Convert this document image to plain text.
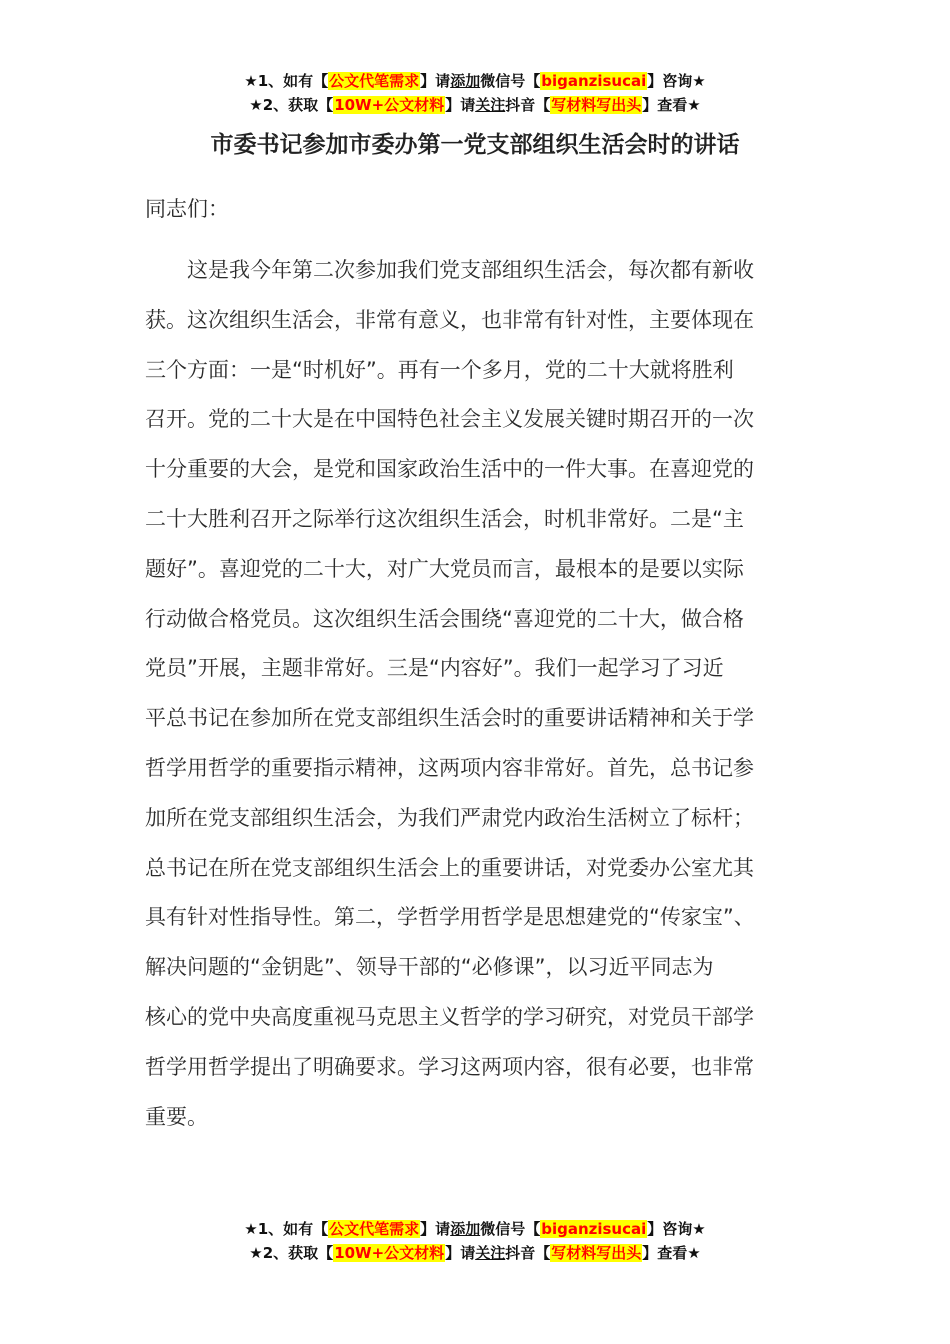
★1、如有【公文代笔需求】请添加微信号【biganzisucai】咨询★
★2、获取【10W+公文材料】请关注抖音【写材料写出头】查看★
市委书记参加市委办第一党支部组织生活会时的讲话
同志们：
　　这是我今年第二次参加我们党支部组织生活会，每次都有新收
获。这次组织生活会，非常有意义，也非常有针对性，主要体现在
三个方面：一是“时机好”。再有一个多月，党的二十大就将胜利
召开。党的二十大是在中国特色社会主义发展关键时期召开的一次
十分重要的大会，是党和国家政治生活中的一件大事。在喜迎党的
二十大胜利召开之际举行这次组织生活会，时机非常好。二是“主
题好”。喜迎党的二十大，对广大党员而言，最根本的是要以实际
行动做合格党员。这次组织生活会围绕“喜迎党的二十大，做合格
党员”开展，主题非常好。三是“内容好”。我们一起学习了习近
平总书记在参加所在党支部组织生活会时的重要讲话精神和关于学
哲学用哲学的重要指示精神，这两项内容非常好。首先，总书记参
加所在党支部组织生活会，为我们严肃党内政治生活树立了标杆；
总书记在所在党支部组织生活会上的重要讲话，对党委办公室尤其
具有针对性指导性。第二，学哲学用哲学是思想建党的“传家宝”、
解决问题的“金钥匙”、领导干部的“必修课”，以习近平同志为
核心的党中央高度重视马克思主义哲学的学习研究，对党员干部学
哲学用哲学提出了明确要求。学习这两项内容，很有必要，也非常
重要。
★1、如有【公文代笔需求】请添加微信号【biganzisucai】咨询★
★2、获取【10W+公文材料】请关注抖音【写材料写出头】查看★
